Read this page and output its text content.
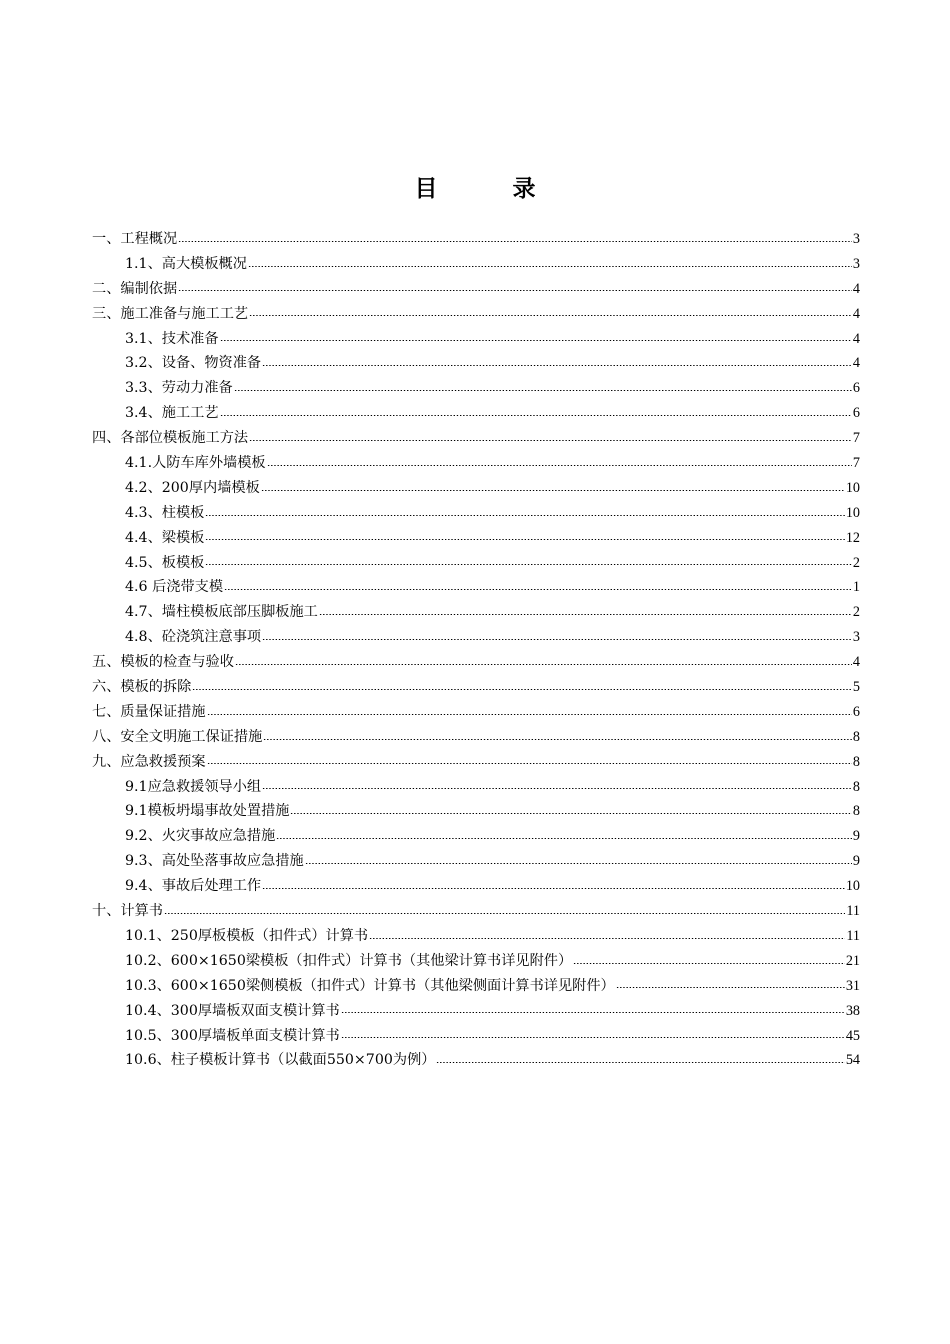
目　录
一、工程概况	3
1.1、高大模板概况	3
二、编制依据	4
三、施工准备与施工工艺	4
3.1、技术准备	4
3.2、设备、物资准备	4
3.3、劳动力准备	6
3.4、施工工艺	6
四、各部位模板施工方法	7
4.1.人防车库外墙模板	7
4.2、200厚内墙模板	10
4.3、柱模板	10
4.4、梁模板	12
4.5、板模板	2
4.6 后浇带支模	1
4.7、墙柱模板底部压脚板施工	2
4.8、砼浇筑注意事项	3
五、模板的检查与验收	4
六、模板的拆除	5
七、质量保证措施	6
八、安全文明施工保证措施	8
九、应急救援预案	8
9.1应急救援领导小组	8
9.1模板坍塌事故处置措施	8
9.2、火灾事故应急措施	9
9.3、高处坠落事故应急措施	9
9.4、事故后处理工作	10
十、计算书	11
10.1、250厚板模板（扣件式）计算书	11
10.2、600×1650梁模板（扣件式）计算书（其他梁计算书详见附件）	21
10.3、600×1650梁侧模板（扣件式）计算书（其他梁侧面计算书详见附件）	31
10.4、300厚墙板双面支模计算书	38
10.5、300厚墙板单面支模计算书	45
10.6、柱子模板计算书（以截面550×700为例）	54
